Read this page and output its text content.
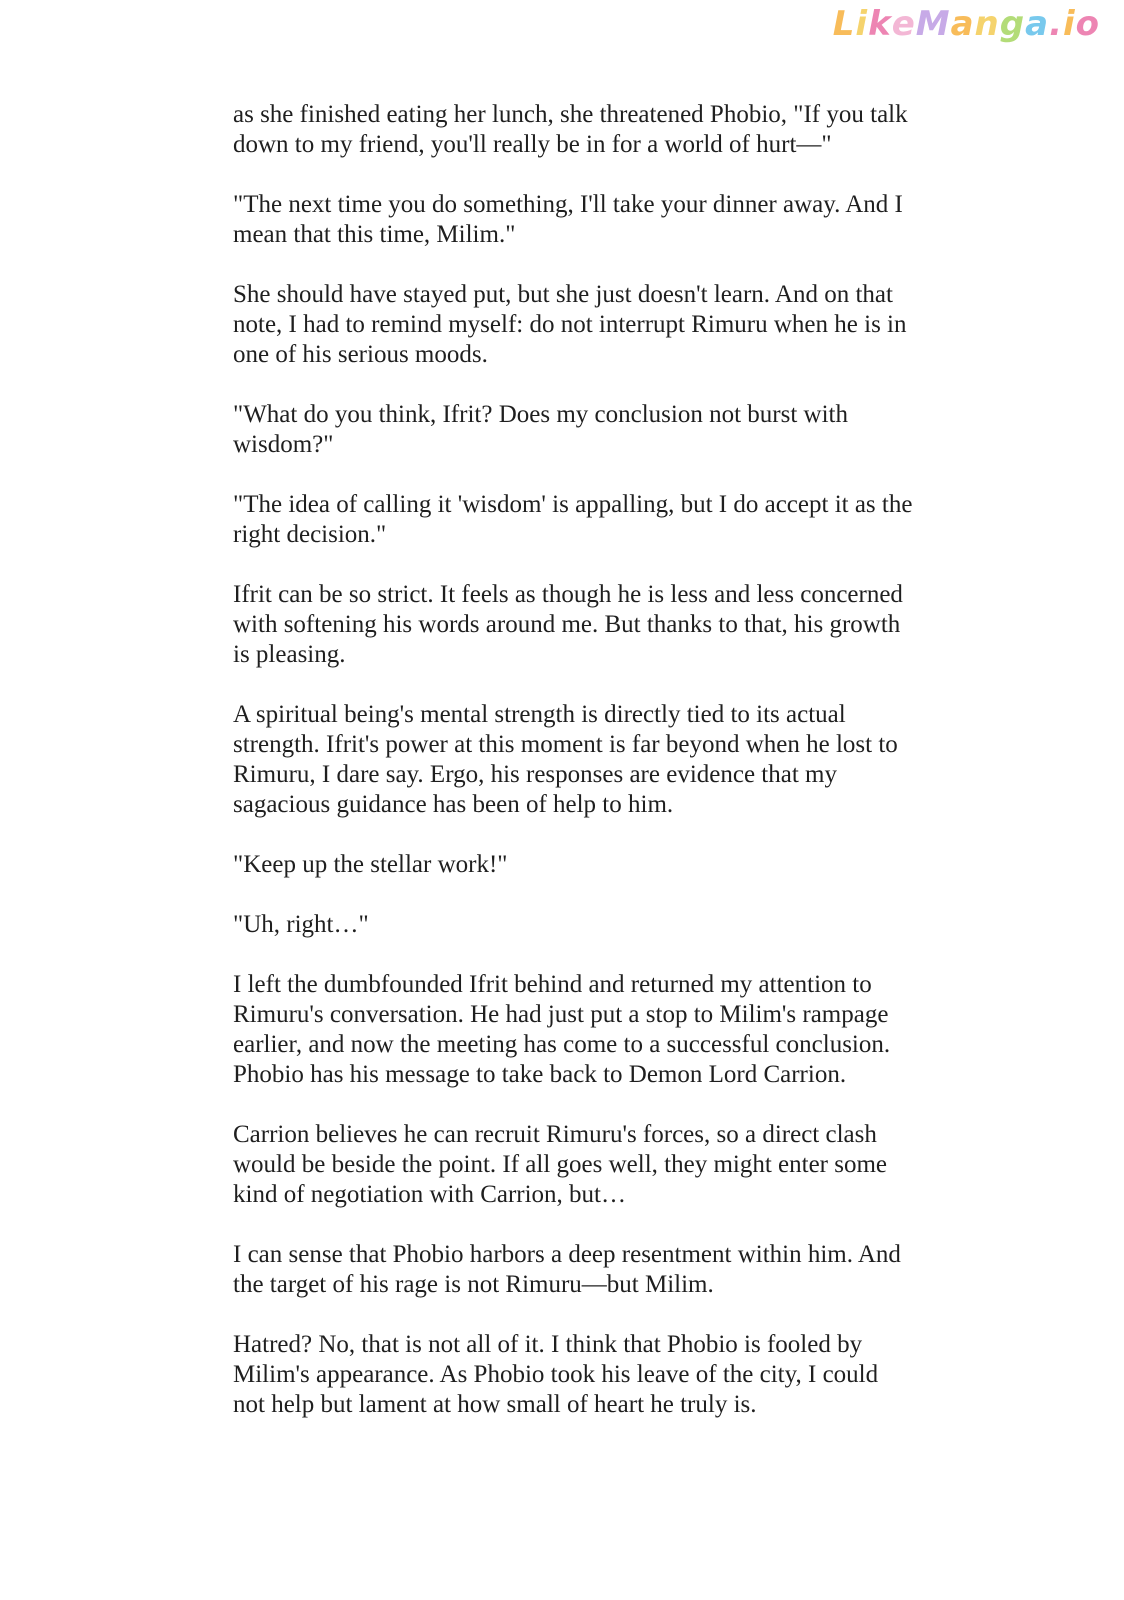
LikeManga.io

as she finished eating her lunch, she threatened Phobio, "If you talk down to my friend, you'll really be in for a world of hurt—"

"The next time you do something, I'll take your dinner away. And I mean that this time, Milim."

She should have stayed put, but she just doesn't learn. And on that note, I had to remind myself: do not interrupt Rimuru when he is in one of his serious moods.

"What do you think, Ifrit? Does my conclusion not burst with wisdom?"

"The idea of calling it 'wisdom' is appalling, but I do accept it as the right decision."

Ifrit can be so strict. It feels as though he is less and less concerned with softening his words around me. But thanks to that, his growth is pleasing.

A spiritual being's mental strength is directly tied to its actual strength. Ifrit's power at this moment is far beyond when he lost to Rimuru, I dare say. Ergo, his responses are evidence that my sagacious guidance has been of help to him.

"Keep up the stellar work!"

"Uh, right…"

I left the dumbfounded Ifrit behind and returned my attention to Rimuru's conversation. He had just put a stop to Milim's rampage earlier, and now the meeting has come to a successful conclusion. Phobio has his message to take back to Demon Lord Carrion.

Carrion believes he can recruit Rimuru's forces, so a direct clash would be beside the point. If all goes well, they might enter some kind of negotiation with Carrion, but…

I can sense that Phobio harbors a deep resentment within him. And the target of his rage is not Rimuru—but Milim.

Hatred? No, that is not all of it. I think that Phobio is fooled by Milim's appearance. As Phobio took his leave of the city, I could not help but lament at how small of heart he truly is.
